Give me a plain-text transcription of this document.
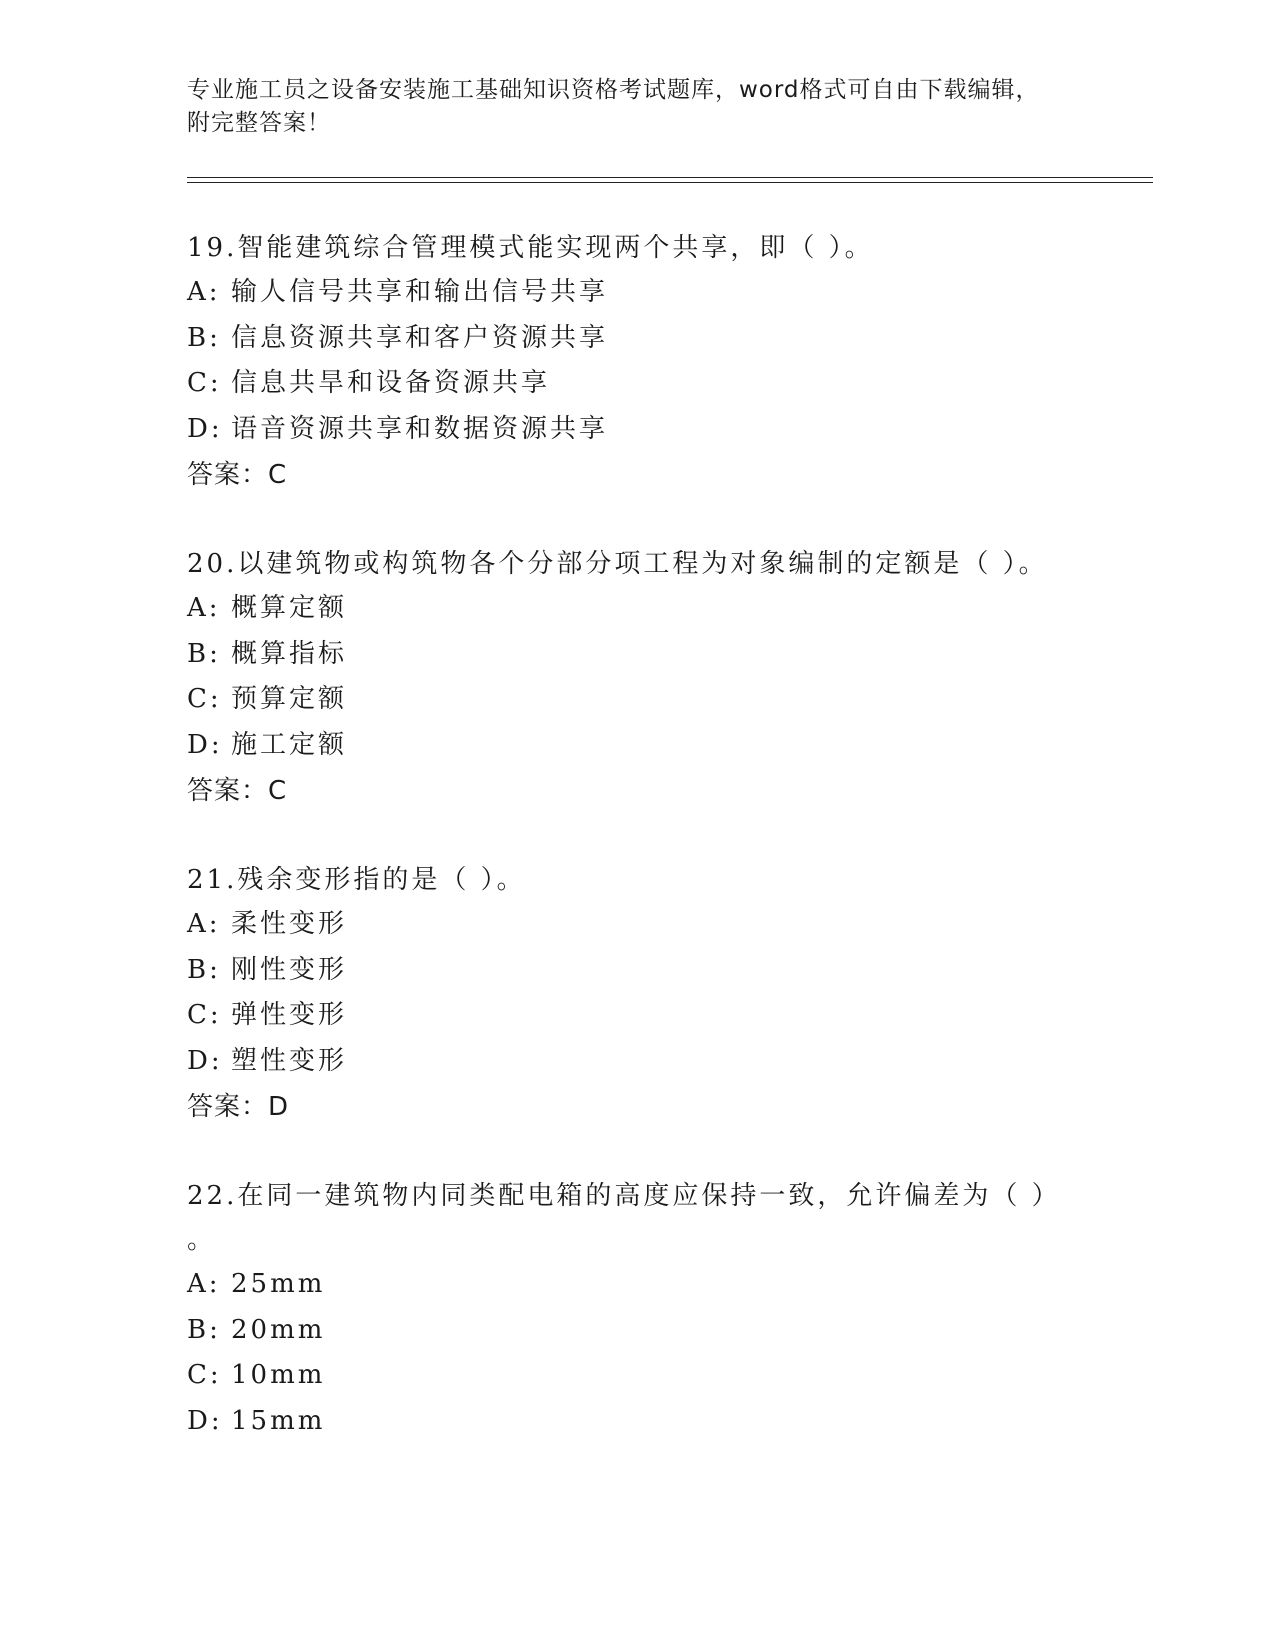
专业施工员之设备安装施工基础知识资格考试题库，word格式可自由下载编辑，
附完整答案！
19.智能建筑综合管理模式能实现两个共享，即（ ）。
A: 输人信号共享和输出信号共享
B: 信息资源共享和客户资源共享
C: 信息共旱和设备资源共享
D: 语音资源共享和数据资源共享
答案：C
20.以建筑物或构筑物各个分部分项工程为对象编制的定额是（ ）。
A: 概算定额
B: 概算指标
C: 预算定额
D: 施工定额
答案：C
21.残余变形指的是（ ）。
A: 柔性变形
B: 刚性变形
C: 弹性变形
D: 塑性变形
答案：D
22.在同一建筑物内同类配电箱的高度应保持一致，允许偏差为（ ）
。
A: 25mm
B: 20mm
C: 10mm
D: 15mm
